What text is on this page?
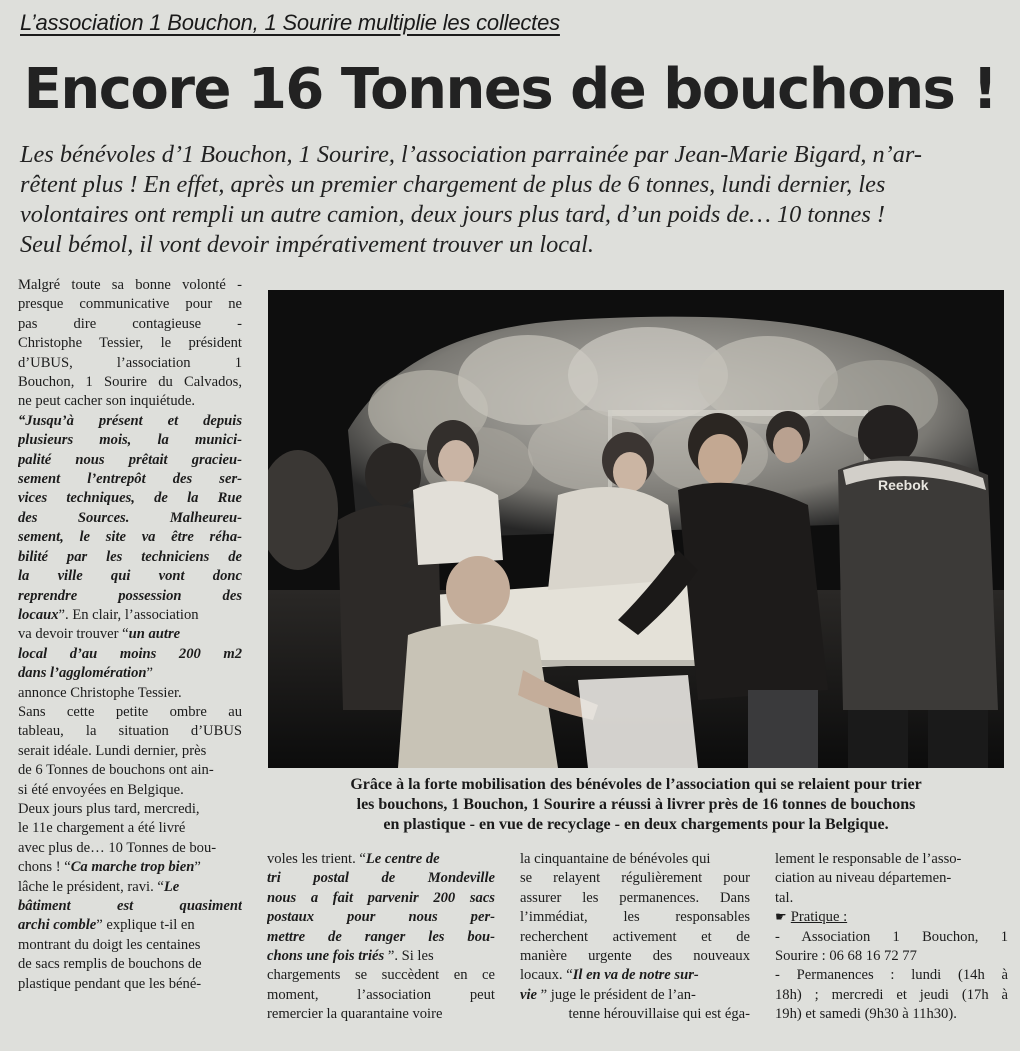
L’association 1 Bouchon, 1 Sourire multiplie les collectes
Encore 16 Tonnes de bouchons !
Les bénévoles d’1 Bouchon, 1 Sourire, l’association parrainée par Jean-Marie Bigard, n’ar-
rêtent plus ! En effet, après un premier chargement de plus de 6 tonnes, lundi dernier, les
volontaires ont rempli un autre camion, deux jours plus tard, d’un poids de… 10 tonnes !
Seul bémol, il vont devoir impérativement trouver un local.
Malgré toute sa bonne volonté -
presque communicative pour ne
pas dire contagieuse -
Christophe Tessier, le président
d’UBUS, l’association 1
Bouchon, 1 Sourire du Calvados,
ne peut cacher son inquiétude.
“Jusqu’à présent et depuis
plusieurs mois, la munici-
palité nous prêtait gracieu-
sement l’entrepôt des ser-
vices techniques, de la Rue
des Sources. Malheureu-
sement, le site va être réha-
bilité par les techniciens de
la ville qui vont donc
reprendre possession des
locaux”. En clair, l’association
va devoir trouver “un autre
local d’au moins 200 m2
dans l’agglomération”
annonce Christophe Tessier.
Sans cette petite ombre au
tableau, la situation d’UBUS
serait idéale. Lundi dernier, près
de 6 Tonnes de bouchons ont ain-
si été envoyées en Belgique.
Deux jours plus tard, mercredi,
le 11e chargement a été livré
avec plus de… 10 Tonnes de bou-
chons ! “Ca marche trop bien”
lâche le président, ravi. “Le
bâtiment est quasiment
archi comble” explique t-il en
montrant du doigt les centaines
de sacs remplis de bouchons de
plastique pendant que les béné-
Reebok
Grâce à la forte mobilisation des bénévoles de l’association qui se relaient pour trier
les bouchons, 1 Bouchon, 1 Sourire a réussi à livrer près de 16 tonnes de bouchons
en plastique - en vue de recyclage - en deux chargements pour la Belgique.
voles les trient. “Le centre de
tri postal de Mondeville
nous a fait parvenir 200 sacs
postaux pour nous per-
mettre de ranger les bou-
chons une fois triés ”. Si les
chargements se succèdent en ce
moment, l’association peut
remercier la quarantaine voire
la cinquantaine de bénévoles qui
se relayent régulièrement pour
assurer les permanences. Dans
l’immédiat, les responsables
recherchent activement et de
manière urgente des nouveaux
locaux. “Il en va de notre sur-
vie ” juge le président de l’an-
tenne hérouvillaise qui est éga-
lement le responsable de l’asso-
ciation au niveau départemen-
tal.
☛ Pratique :
- Association 1 Bouchon, 1
Sourire : 06 68 16 72 77
- Permanences : lundi (14h à
18h) ; mercredi et jeudi (17h à
19h) et samedi (9h30 à 11h30).
